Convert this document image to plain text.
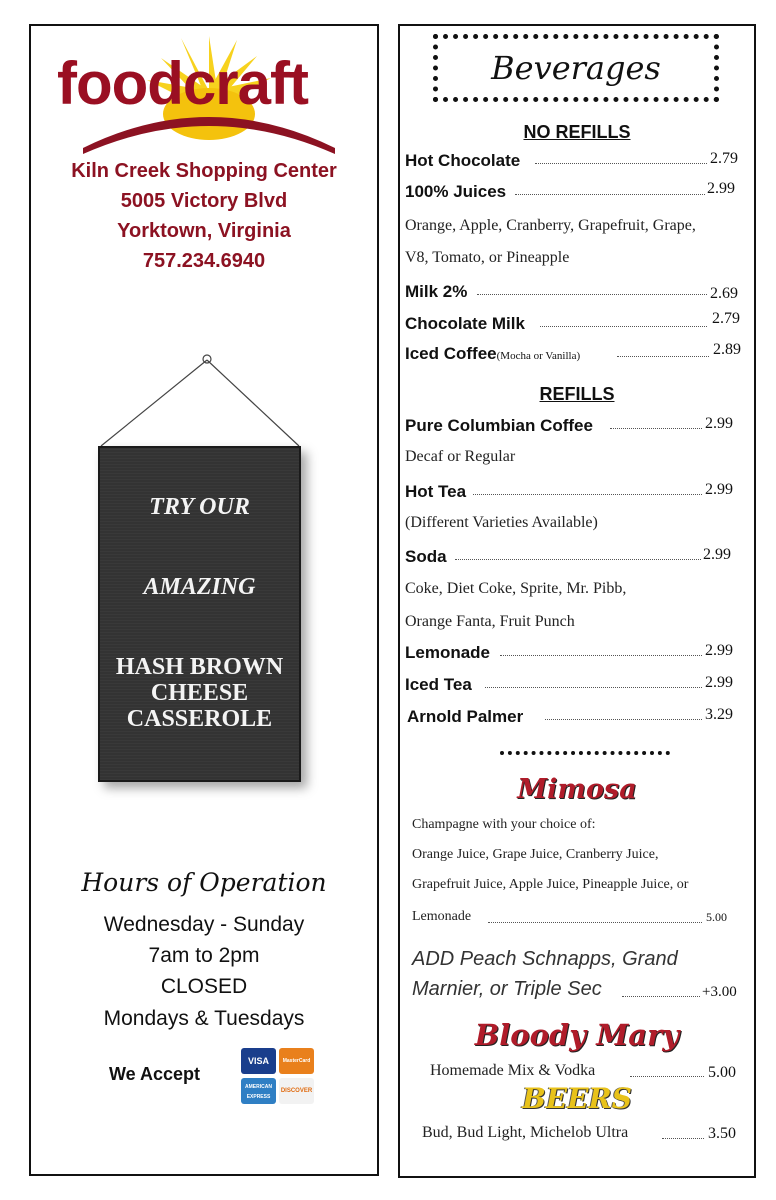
foodcraft
Kiln Creek Shopping Center
5005 Victory Blvd
Yorktown, Virginia
757.234.6940
TRY OUR
AMAZING
HASH BROWN
CHEESE
CASSEROLE
Hours of Operation
Wednesday - Sunday
7am to 2pm
CLOSED
Mondays & Tuesdays
We Accept
VISA	MasterCard
AMERICAN EXPRESS
DISCOVER
Beverages
NO REFILLS
Hot Chocolate	2.79
100% Juices	2.99
Orange, Apple, Cranberry, Grapefruit, Grape,
V8, Tomato, or Pineapple
Milk 2%	2.69
Chocolate Milk	2.79
Iced Coffee(Mocha or Vanilla)	2.89
REFILLS
Pure Columbian Coffee	2.99
Decaf or Regular
Hot Tea	2.99
(Different Varieties Available)
Soda	2.99
Coke, Diet Coke, Sprite, Mr. Pibb,
Orange Fanta, Fruit Punch
Lemonade	2.99
Iced Tea	2.99
Arnold Palmer	3.29
Mimosa
Champagne with your choice of:
Orange Juice, Grape Juice, Cranberry Juice,
Grapefruit Juice, Apple Juice, Pineapple Juice, or
Lemonade	5.00
ADD Peach Schnapps, Grand
Marnier, or Triple Sec	+3.00
Bloody Mary
Homemade Mix & Vodka	5.00
BEERS
Bud, Bud Light, Michelob Ultra	3.50
